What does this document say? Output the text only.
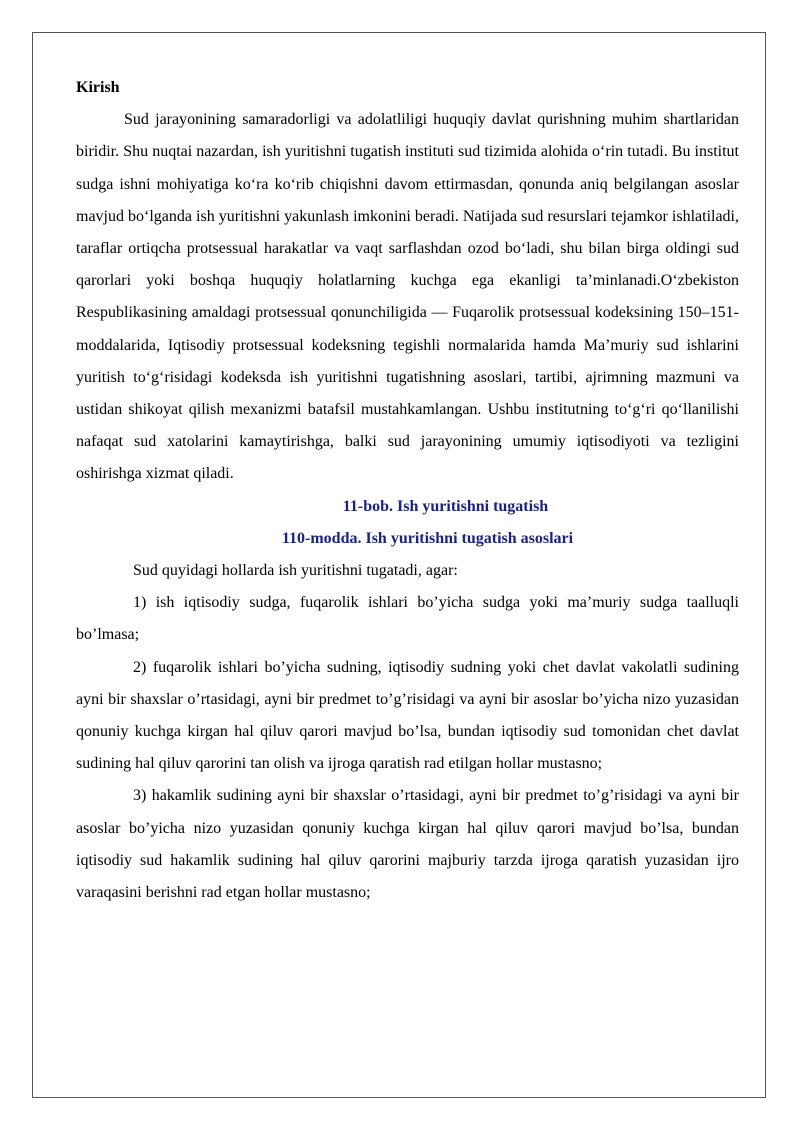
Kirish

Sud jarayonining samaradorligi va adolatliligi huquqiy davlat qurishning muhim shartlaridan biridir. Shu nuqtai nazardan, ish yuritishni tugatish instituti sud tizimida alohida oʻrin tutadi. Bu institut sudga ishni mohiyatiga koʻra koʻrib chiqishni davom ettirmasdan, qonunda aniq belgilangan asoslar mavjud boʻlganda ish yuritishni yakunlash imkonini beradi. Natijada sud resurslari tejamkor ishlatiladi, taraflar ortiqcha protsessual harakatlar va vaqt sarflashdan ozod boʻladi, shu bilan birga oldingi sud qarorlari yoki boshqa huquqiy holatlarning kuchga ega ekanligi taʼminlanadi.Oʻzbekiston Respublikasining amaldagi protsessual qonunchiligida — Fuqarolik protsessual kodeksining 150–151-moddalarida, Iqtisodiy protsessual kodeksning tegishli normalarida hamda Maʼmuriy sud ishlarini yuritish toʻgʻrisidagi kodeksda ish yuritishni tugatishning asoslari, tartibi, ajrimning mazmuni va ustidan shikoyat qilish mexanizmi batafsil mustahkamlangan. Ushbu institutning toʻgʻri qoʻllanilishi nafaqat sud xatolarini kamaytirishga, balki sud jarayonining umumiy iqtisodiyoti va tezligini oshirishga xizmat qiladi.

11-bob. Ish yuritishni tugatish

110-modda. Ish yuritishni tugatish asoslari

Sud quyidagi hollarda ish yuritishni tugatadi, agar:

1) ish iqtisodiy sudga, fuqarolik ishlari bo’yicha sudga yoki ma’muriy sudga taalluqli bo’lmasa;

2) fuqarolik ishlari bo’yicha sudning, iqtisodiy sudning yoki chet davlat vakolatli sudining ayni bir shaxslar o’rtasidagi, ayni bir predmet to’g’risidagi va ayni bir asoslar bo’yicha nizo yuzasidan qonuniy kuchga kirgan hal qiluv qarori mavjud bo’lsa, bundan iqtisodiy sud tomonidan chet davlat sudining hal qiluv qarorini tan olish va ijroga qaratish rad etilgan hollar mustasno;

3) hakamlik sudining ayni bir shaxslar o’rtasidagi, ayni bir predmet to’g’risidagi va ayni bir asoslar bo’yicha nizo yuzasidan qonuniy kuchga kirgan hal qiluv qarori mavjud bo’lsa, bundan iqtisodiy sud hakamlik sudining hal qiluv qarorini majburiy tarzda ijroga qaratish yuzasidan ijro varaqasini berishni rad etgan hollar mustasno;
